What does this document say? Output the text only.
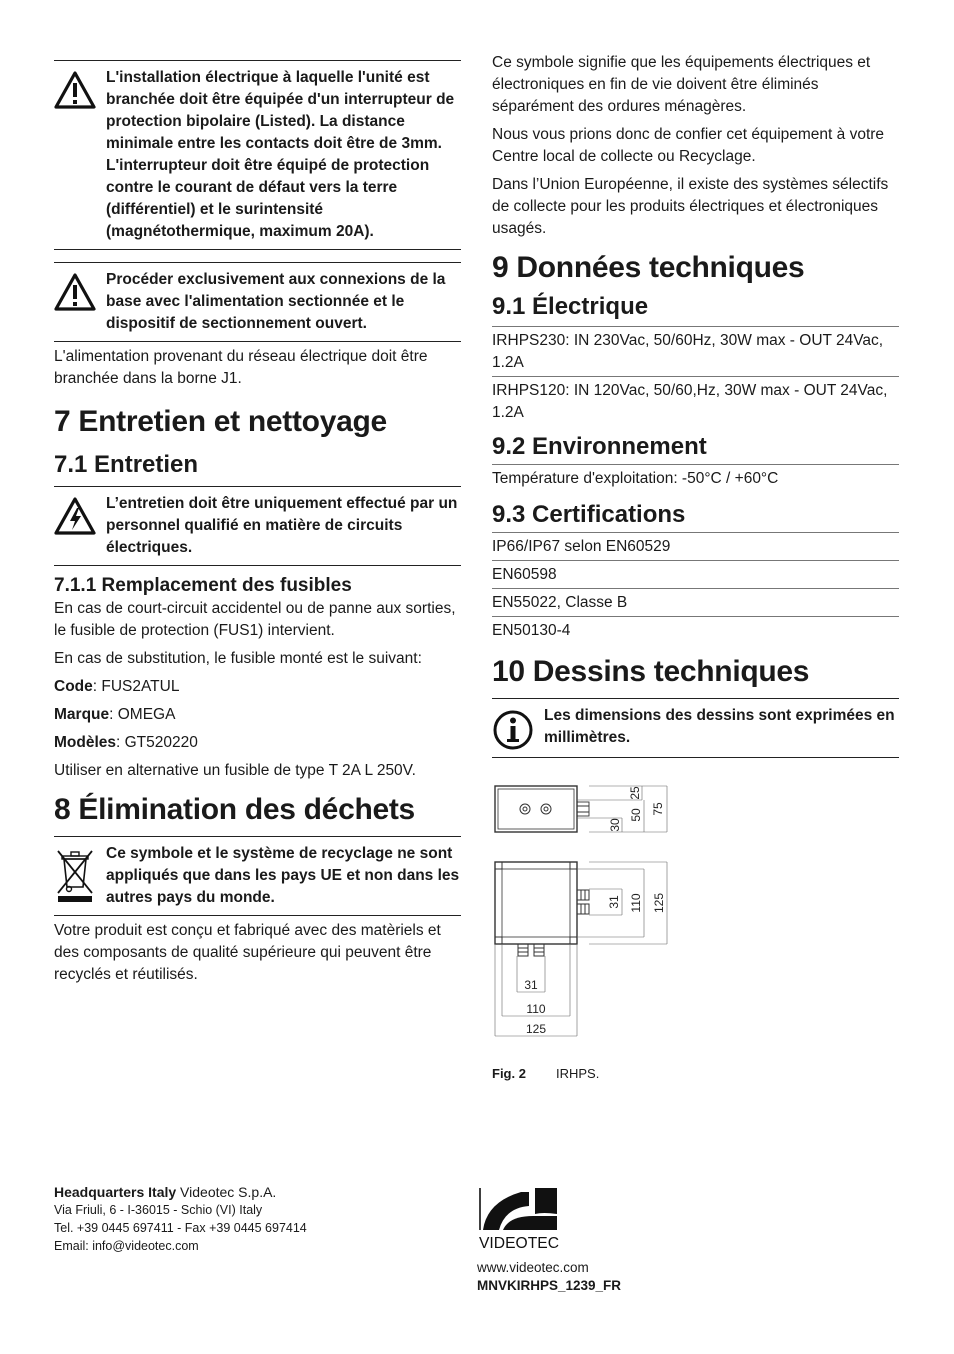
L'installation électrique à laquelle l'unité est branchée doit être équipée d'un interrupteur de protection bipolaire (Listed). La distance minimale entre les contacts doit être de 3mm. L'interrupteur doit être équipé de protection contre le courant de défaut vers la terre (différentiel) et le surintensité (magnétothermique, maximum 20A).
Procéder exclusivement aux connexions de la base avec l'alimentation sectionnée et le dispositif de sectionnement ouvert.

L'alimentation provenant du réseau électrique doit être branchée dans la borne J1.

7 Entretien et nettoyage
7.1 Entretien
L’entretien doit être uniquement effectué par un personnel qualifié en matière de circuits électriques.
7.1.1 Remplacement des fusibles

En cas de court-circuit accidentel ou de panne aux sorties, le fusible de protection (FUS1) intervient.

En cas de substitution, le fusible monté est le suivant:

Code: FUS2ATUL

Marque: OMEGA

Modèles: GT520220

Utiliser en alternative un fusible de type T 2A L 250V.

8 Élimination des déchets
Ce symbole et le système de recyclage ne sont appliqués que dans les pays UE et non dans les autres pays du monde.

Votre produit est conçu et fabriqué avec des matèriels et des composants de qualité supérieure qui peuvent être recyclés et réutilisés.

Ce symbole signifie que les équipements électriques et électroniques en fin de vie doivent être éliminés séparément des ordures ménagères.

Nous vous prions donc de confier cet équipement à votre Centre local de collecte ou Recyclage.

Dans l’Union Européenne, il existe des systèmes sélectifs de collecte pour les produits électriques et électroniques usagés.

9 Données techniques
9.1 Électrique

IRHPS230: IN 230Vac, 50/60Hz, 30W max - OUT 24Vac, 1.2A

IRHPS120: IN 120Vac, 50/60,Hz, 30W max - OUT 24Vac, 1.2A

9.2 Environnement

Température d'exploitation: -50°C / +60°C

9.3 Certifications

IP66/IP67 selon EN60529

EN60598

EN55022, Classe B

EN50130-4

10 Dessins techniques
Les dimensions des dessins sont exprimées en millimètres.
25
30
50 75
31 110 125
31
110
125
Fig. 2	IRHPS.
Headquarters Italy Videotec S.p.A.
Via Friuli, 6 - I-36015 - Schio (VI) Italy
Tel. +39 0445 697411 - Fax +39 0445 697414
Email: info@videotec.com	VIDEOTEC
www.videotec.com
MNVKIRHPS_1239_FR
